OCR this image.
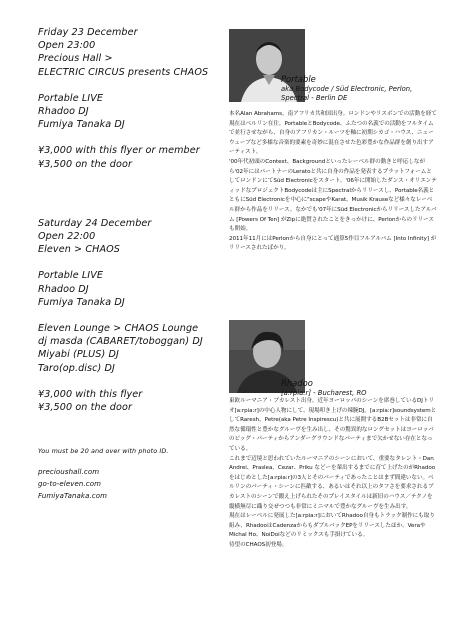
Friday 23 December
Open 23:00
Precious Hall >
ELECTRIC CIRCUS presents CHAOS
Portable LIVE
Rhadoo DJ
Fumiya Tanaka DJ
¥3,000 with this flyer or member
¥3,500 on the door
Saturday 24 December
Open 22:00
Eleven > CHAOS
Portable LIVE
Rhadoo DJ
Fumiya Tanaka DJ
Eleven Lounge > CHAOS Lounge
dj masda (CABARET/toboggan) DJ
Miyabi (PLUS) DJ
Taro(op.disc) DJ
¥3,000 with this flyer
¥3,500 on the door
You must be 20 and over with photo ID.
precioushall.com
go-to-eleven.com
FumiyaTanaka.com
Portable
aka Bodycode / Süd Electronic, Perlon,
Spectral - Berlin DE

本名Alan Abrahams。南アフリカ共和国出身。ロンドンやリスボンでの活動を経て現在はベルリン在住。PortableとBodycode、ふたつの名義での活動をフルタイムで並行させながら、自身のアフリカン・ルーツを軸に初期シカゴ・ハウス、ニューウェーブなど多様な音楽的要素を奇妙に混在させた色彩豊かな作品群を創り出すアーティスト。

'00年代初頭のContext、Backgroundといったレーベル群の動きと呼応しながら'02年にはパートナーのLeratoと共に自身の作品を発表するプラットフォームとしてロンドンにてSüd Electronicをスタート。'06年に開始したダンス・オリエンティッドなプロジェクトBodycodeは主にSpectralからリリースし、Portable名義とともにSüd Electronicを中心に"scapeやKarat、Musik Krauseなど様々なレーベル群から作品をリリース。なかでも'07年にSüd Electronicからリリースしたアルバム [Powers Of Ten] がZipに絶賛されたことをきっかけに、Perlonからのリリースも開始。

2011年11月にはPerlonから自身にとって通算5作目フルアルバム [Into Infinity] がリリースされたばかり。

Rhadoo
[a:rpia:r] - Bucharest, RO

東欧ルーマニア・ブカレスト出身。近年ヨーロッパのシーンを席巻しているDJトリオ[a:rpia:r]の中心人物にして、現場叩き上げの辣腕DJ。[a:rpia:r]soundsystemとしてRaresh、Petre(aka Petre Inspirescu)と共に展開するB2Bセットは非常に自然な循環性と豊かなグルーヴを生み出し、その驚異的なロングセットはヨーロッパのビッグ・パーティからアンダーグラウンドなパーティまで欠かせない存在となっている。

これまで辺境と思われていたルーマニアのシーンにおいて、重要なタレント・Dan Andrei、Praslea、Cezar、Priku などーを輩出するまでに育て上げたのがRhadooをはじめとした[a:rpia:r]の3人とそのパーティであったことはまず間違いない。ベルリンのパーティ・シーンに匹敵する、あるいはそれ以上のタフさを要求されるブカレストのシーンで鍛え上げられたそのプレイスタイルは新旧のハウス／テクノを縦横無尽に織り交ぜつつも非常にミニマルで豊かなグルーヴを生み出す。

現在はレーベルに発展した[a:rpia:r]においてRhadoo自身もトラック制作にも取り組み、RhadooはCadenzaからもダブルパックEPをリリースしたほか、VeraやMichal Ho、NoiDoiなどのリミックスも手掛けている。

待望のCHAOS初登場。
